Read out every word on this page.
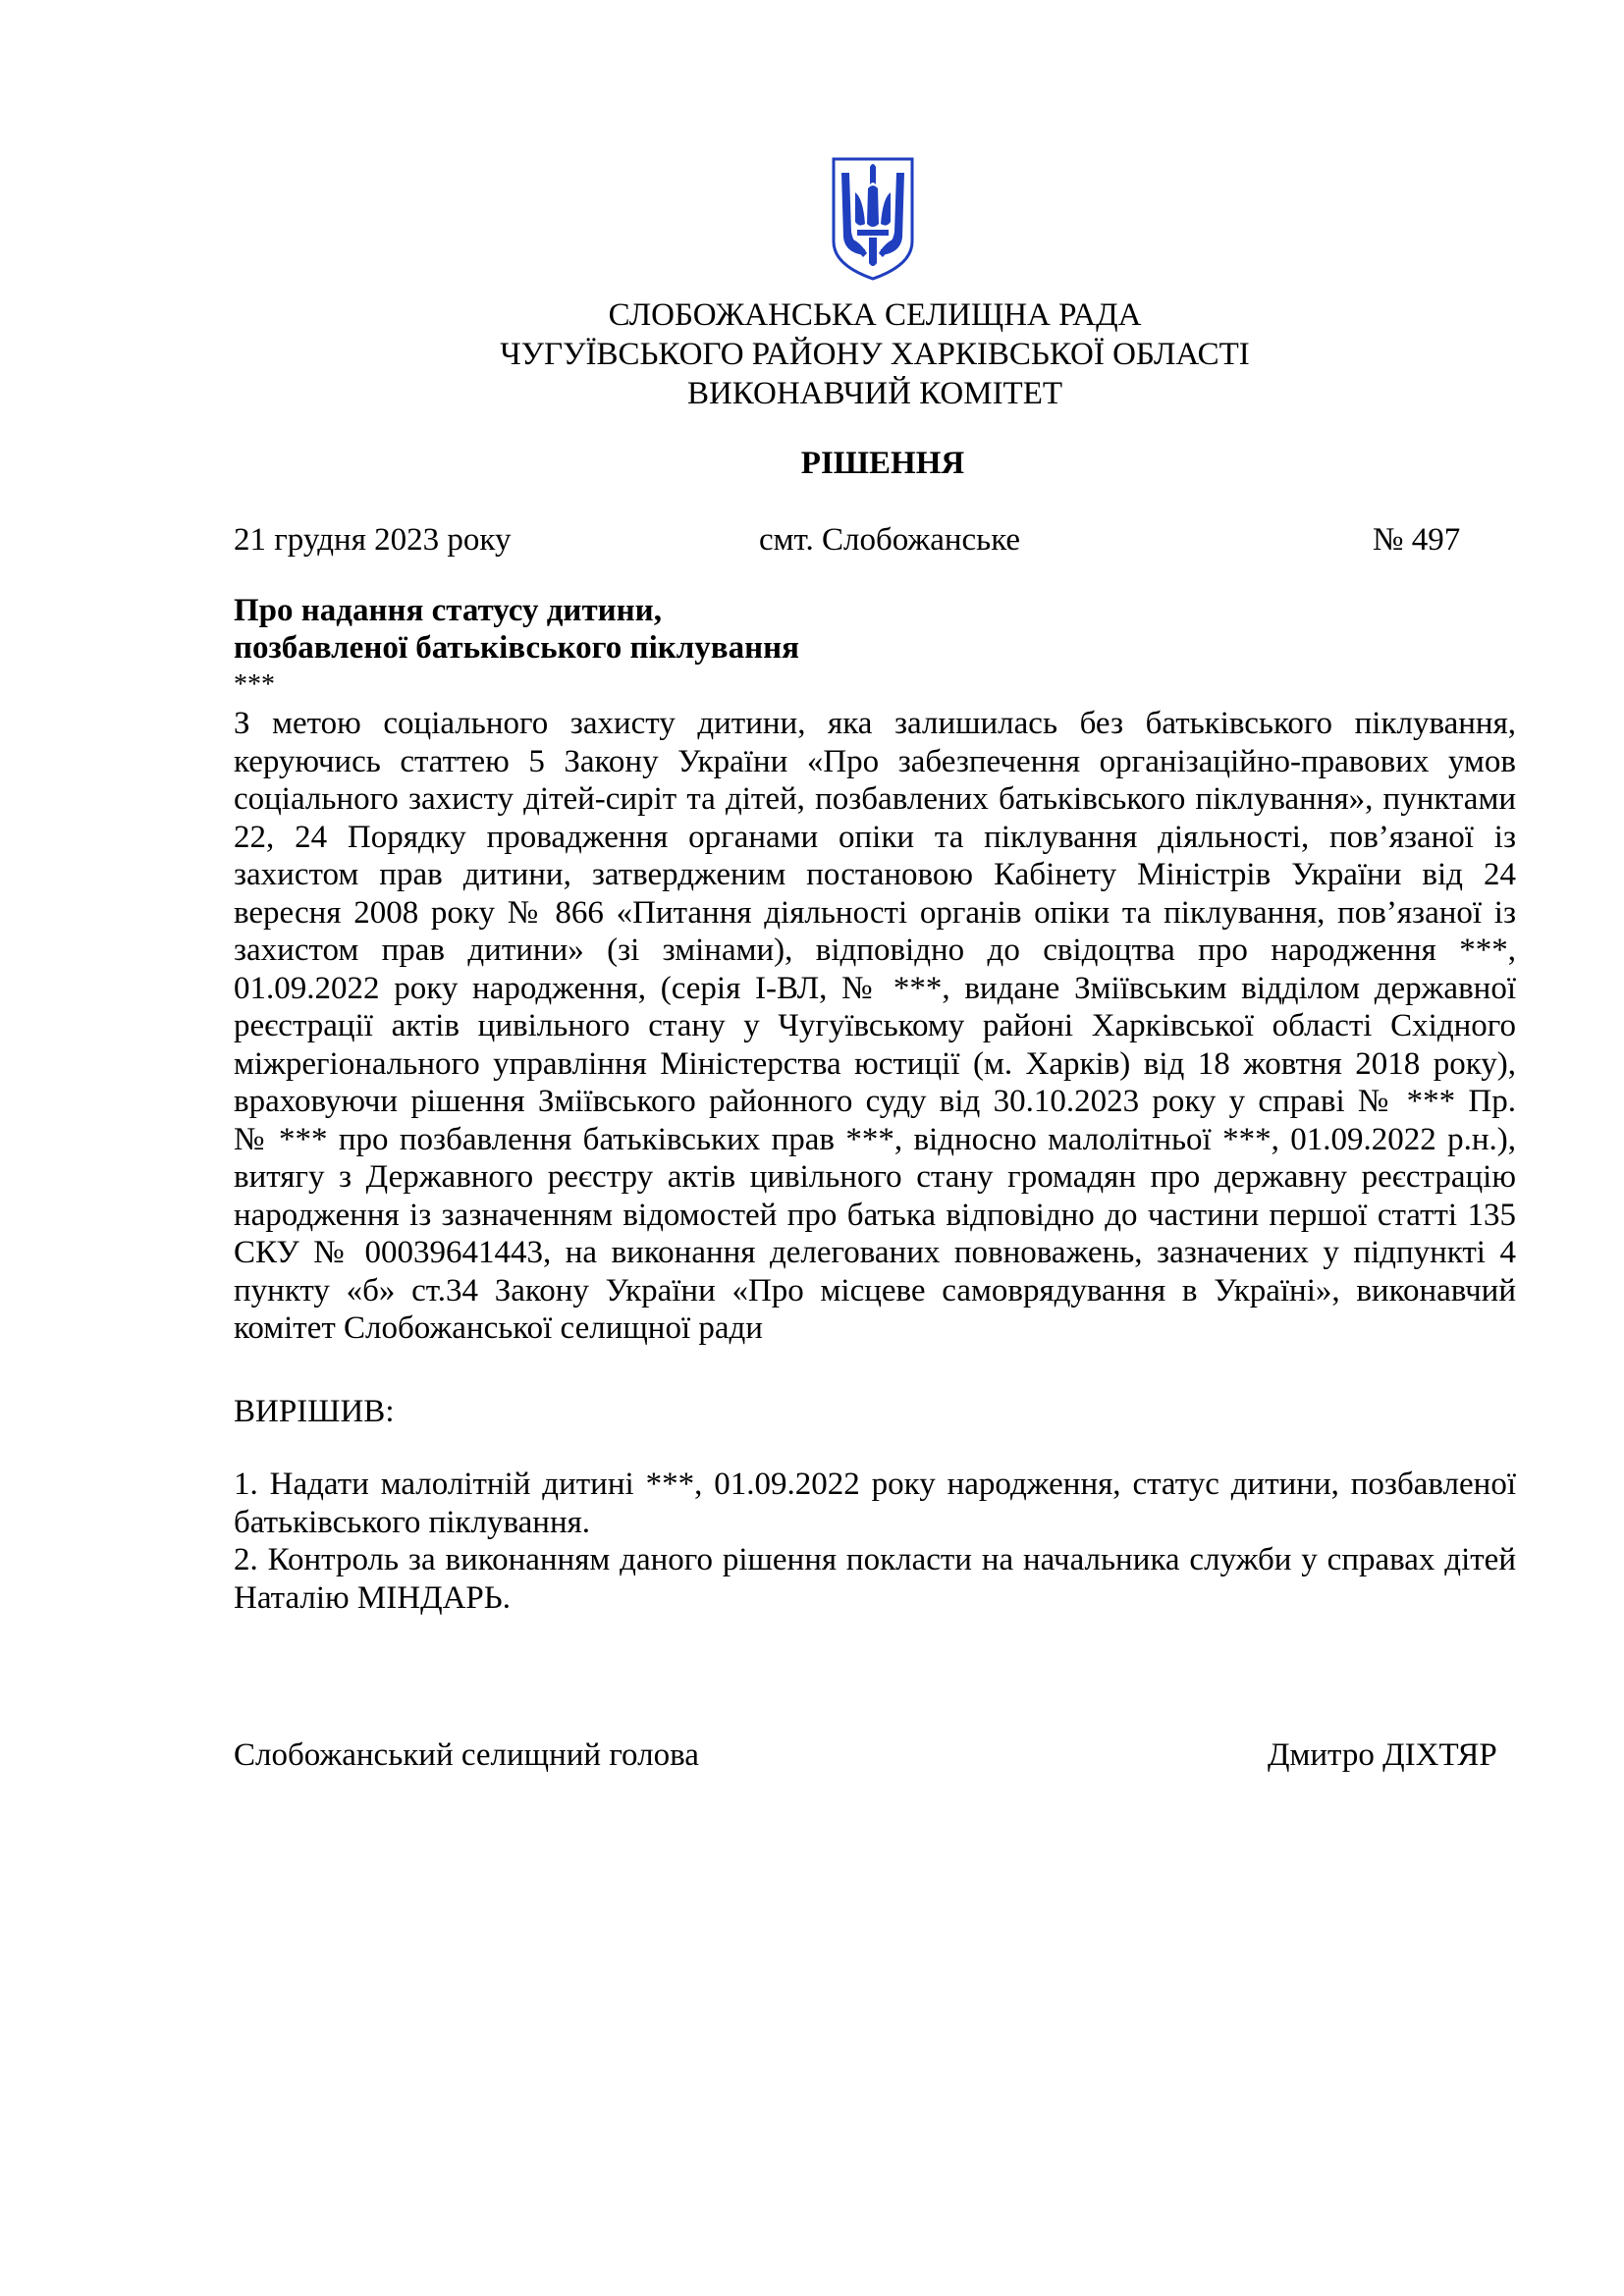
СЛОБОЖАНСЬКА СЕЛИЩНА РАДА
ЧУГУЇВСЬКОГО РАЙОНУ ХАРКІВСЬКОЇ ОБЛАСТІ
ВИКОНАВЧИЙ КОМІТЕТ
РІШЕННЯ
21 грудня 2023 року	смт. Слобожанське	№ 497
Про надання статусу дитини,
позбавленої батьківського піклування
***
З метою соціального захисту дитини, яка залишилась без батьківського піклування,
керуючись статтею 5 Закону України «Про забезпечення організаційно-правових умов
соціального захисту дітей-сиріт та дітей, позбавлених батьківського піклування», пунктами
22, 24 Порядку провадження органами опіки та піклування діяльності, пов’язаної із
захистом прав дитини, затвердженим постановою Кабінету Міністрів України від 24
вересня 2008 року № 866 «Питання діяльності органів опіки та піклування, пов’язаної із
захистом прав дитини» (зі змінами), відповідно до свідоцтва про народження ***,
01.09.2022 року народження, (серія І-ВЛ, № ***, видане Зміївським відділом державної
реєстрації актів цивільного стану у Чугуївському районі Харківської області Східного
міжрегіонального управління Міністерства юстиції (м. Харків) від 18 жовтня 2018 року),
враховуючи рішення Зміївського районного суду від 30.10.2023 року у справі № *** Пр.
№ *** про позбавлення батьківських прав ***, відносно малолітньої ***, 01.09.2022 р.н.),
витягу з Державного реєстру актів цивільного стану громадян про державну реєстрацію
народження із зазначенням відомостей про батька відповідно до частини першої статті 135
СКУ № 00039641443, на виконання делегованих повноважень, зазначених у підпункті 4
пункту «б» ст.34 Закону України «Про місцеве самоврядування в Україні», виконавчий
комітет Слобожанської селищної ради
ВИРІШИВ:
1. Надати малолітній дитині ***, 01.09.2022 року народження, статус дитини, позбавленої
батьківського піклування.
2. Контроль за виконанням даного рішення покласти на начальника служби у справах дітей
Наталію МІНДАРЬ.
Слобожанський селищний голова	Дмитро ДІХТЯР
